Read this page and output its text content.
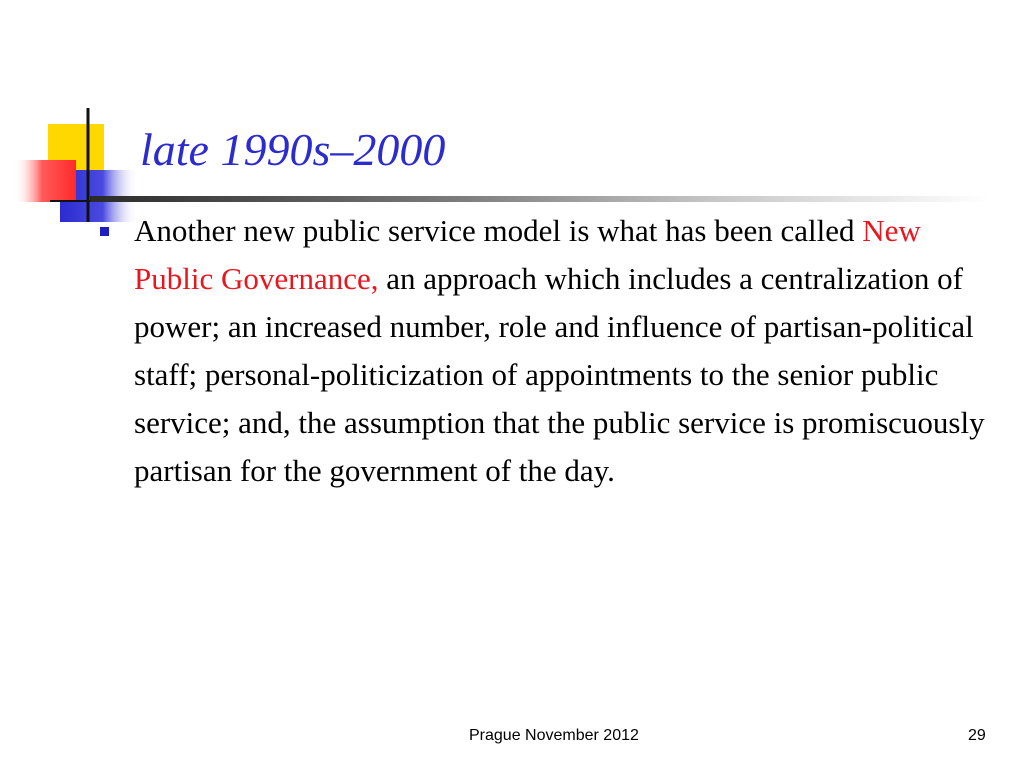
late 1990s–2000

Another new public service model is what has been called New Public Governance, an approach which includes a centralization of power; an increased number, role and influence of partisan-political staff; personal-politicization of appointments to the senior public service; and, the assumption that the public service is promiscuously partisan for the government of the day.

Prague November 2012	29
